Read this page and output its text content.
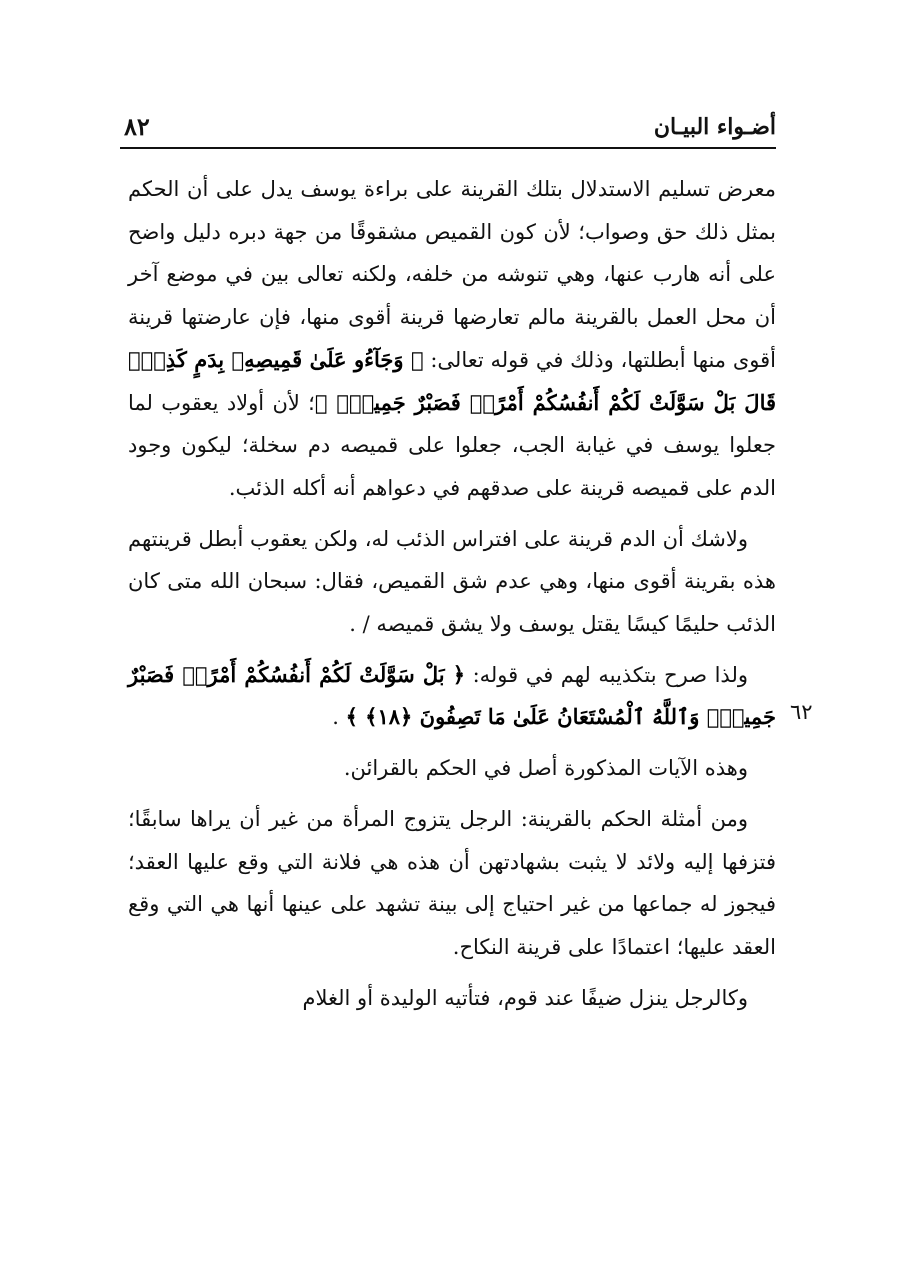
أضـواء البيـان
٨٢
٦٢

معرض تسليم الاستدلال بتلك القرينة على براءة يوسف يدل على أن الحكم بمثل ذلك حق وصواب؛ لأن كون القميص مشقوقًا من جهة دبره دليل واضح على أنه هارب عنها، وهي تنوشه من خلفه، ولكنه تعالى بين في موضع آخر أن محل العمل بالقرينة مالم تعارضها قرينة أقوى منها، فإن عارضتها قرينة أقوى منها أبطلتها، وذلك في قوله تعالى: ﴿ وَجَآءُو عَلَىٰ قَمِيصِهِۦ بِدَمٍ كَذِبٍۚ قَالَ بَلْ سَوَّلَتْ لَكُمْ أَنفُسُكُمْ أَمْرًاۖ فَصَبْرٌ جَمِيلٌۖ ﴾؛ لأن أولاد يعقوب لما جعلوا يوسف في غيابة الجب، جعلوا على قميصه دم سخلة؛ ليكون وجود الدم على قميصه قرينة على صدقهم في دعواهم أنه أكله الذئب.

ولاشك أن الدم قرينة على افتراس الذئب له، ولكن يعقوب أبطل قرينتهم هذه بقرينة أقوى منها، وهي عدم شق القميص، فقال: سبحان الله متى كان الذئب حليمًا كيسًا يقتل يوسف ولا يشق قميصه / .

ولذا صرح بتكذيبه لهم في قوله: ﴿ بَلْ سَوَّلَتْ لَكُمْ أَنفُسُكُمْ أَمْرًاۖ فَصَبْرٌ جَمِيلٌۖ وَٱللَّهُ ٱلْمُسْتَعَانُ عَلَىٰ مَا تَصِفُونَ ﴿١٨﴾ ﴾ .

وهذه الآيات المذكورة أصل في الحكم بالقرائن.

ومن أمثلة الحكم بالقرينة: الرجل يتزوج المرأة من غير أن يراها سابقًا؛ فتزفها إليه ولائد لا يثبت بشهادتهن أن هذه هي فلانة التي وقع عليها العقد؛ فيجوز له جماعها من غير احتياج إلى بينة تشهد على عينها أنها هي التي وقع العقد عليها؛ اعتمادًا على قرينة النكاح.

وكالرجل ينزل ضيفًا عند قوم، فتأتيه الوليدة أو الغلام
